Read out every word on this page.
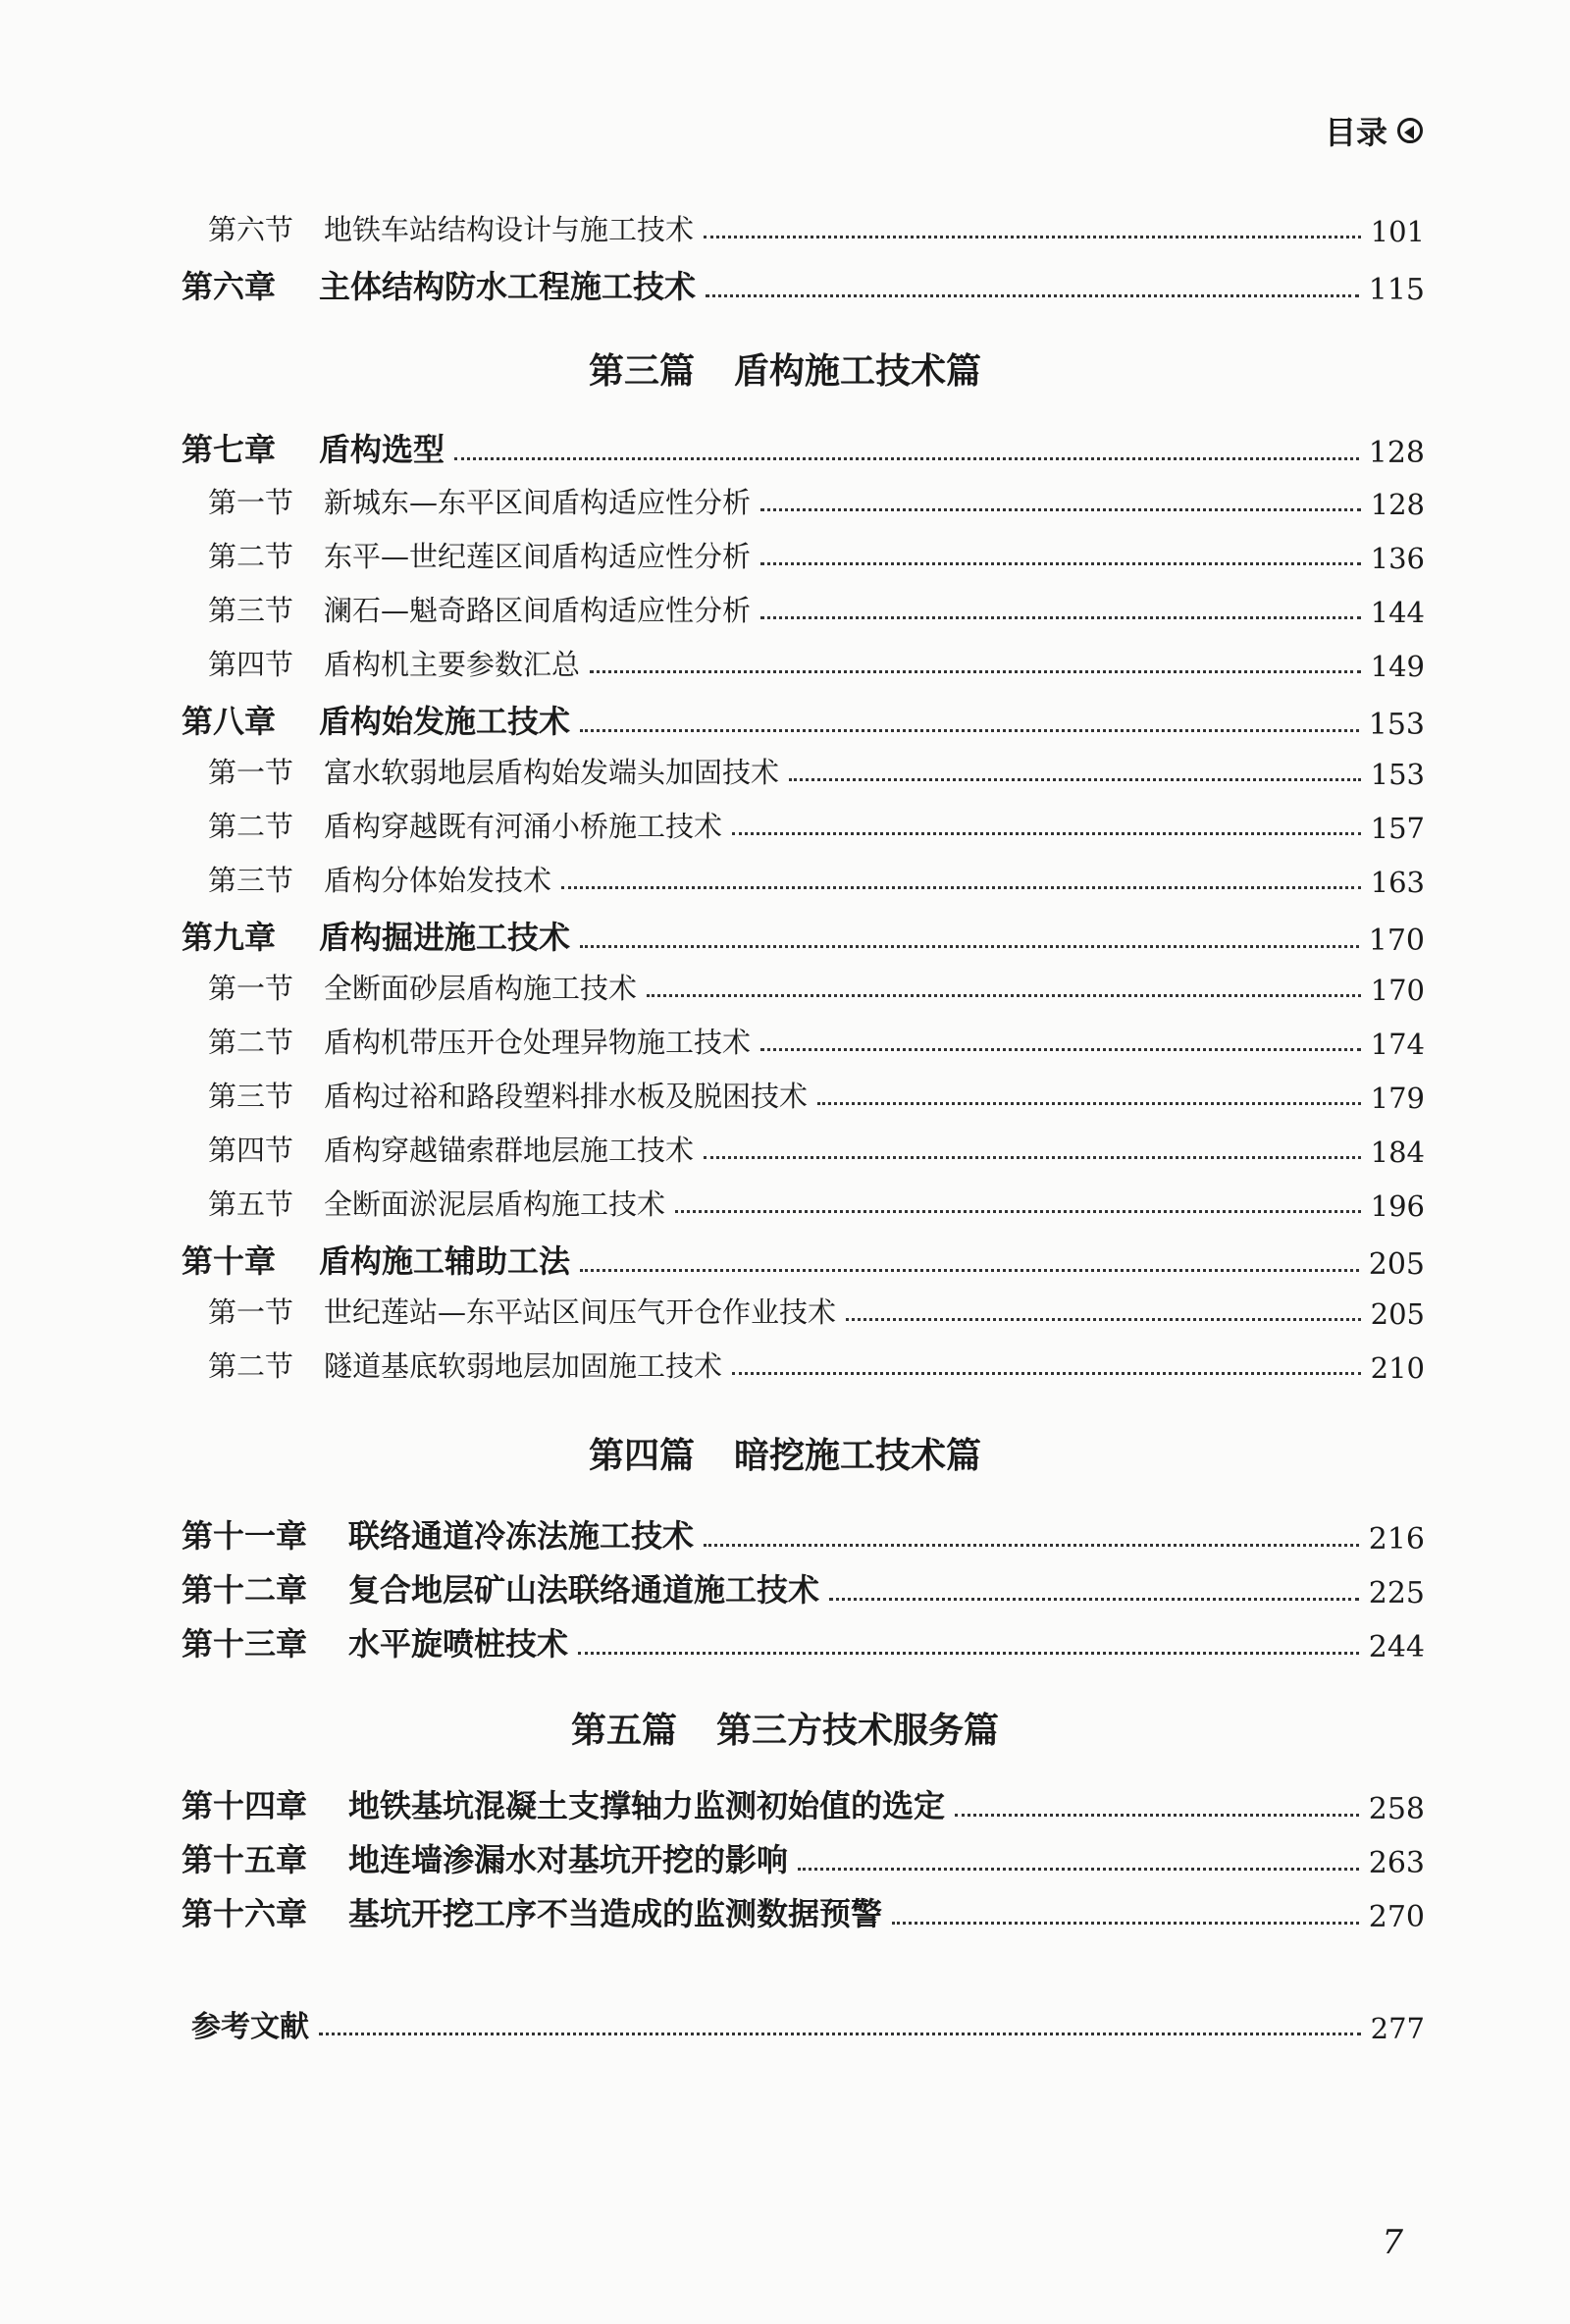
目录
第六节	地铁车站结构设计与施工技术	101
第六章	主体结构防水工程施工技术	115
第三篇 盾构施工技术篇
第七章	盾构选型	128
第一节	新城东—东平区间盾构适应性分析	128
第二节	东平—世纪莲区间盾构适应性分析	136
第三节	澜石—魁奇路区间盾构适应性分析	144
第四节	盾构机主要参数汇总	149
第八章	盾构始发施工技术	153
第一节	富水软弱地层盾构始发端头加固技术	153
第二节	盾构穿越既有河涌小桥施工技术	157
第三节	盾构分体始发技术	163
第九章	盾构掘进施工技术	170
第一节	全断面砂层盾构施工技术	170
第二节	盾构机带压开仓处理异物施工技术	174
第三节	盾构过裕和路段塑料排水板及脱困技术	179
第四节	盾构穿越锚索群地层施工技术	184
第五节	全断面淤泥层盾构施工技术	196
第十章	盾构施工辅助工法	205
第一节	世纪莲站—东平站区间压气开仓作业技术	205
第二节	隧道基底软弱地层加固施工技术	210
第四篇 暗挖施工技术篇
第十一章	联络通道冷冻法施工技术	216
第十二章	复合地层矿山法联络通道施工技术	225
第十三章	水平旋喷桩技术	244
第五篇 第三方技术服务篇
第十四章	地铁基坑混凝土支撑轴力监测初始值的选定	258
第十五章	地连墙渗漏水对基坑开挖的影响	263
第十六章	基坑开挖工序不当造成的监测数据预警	270
参考文献	277
7
